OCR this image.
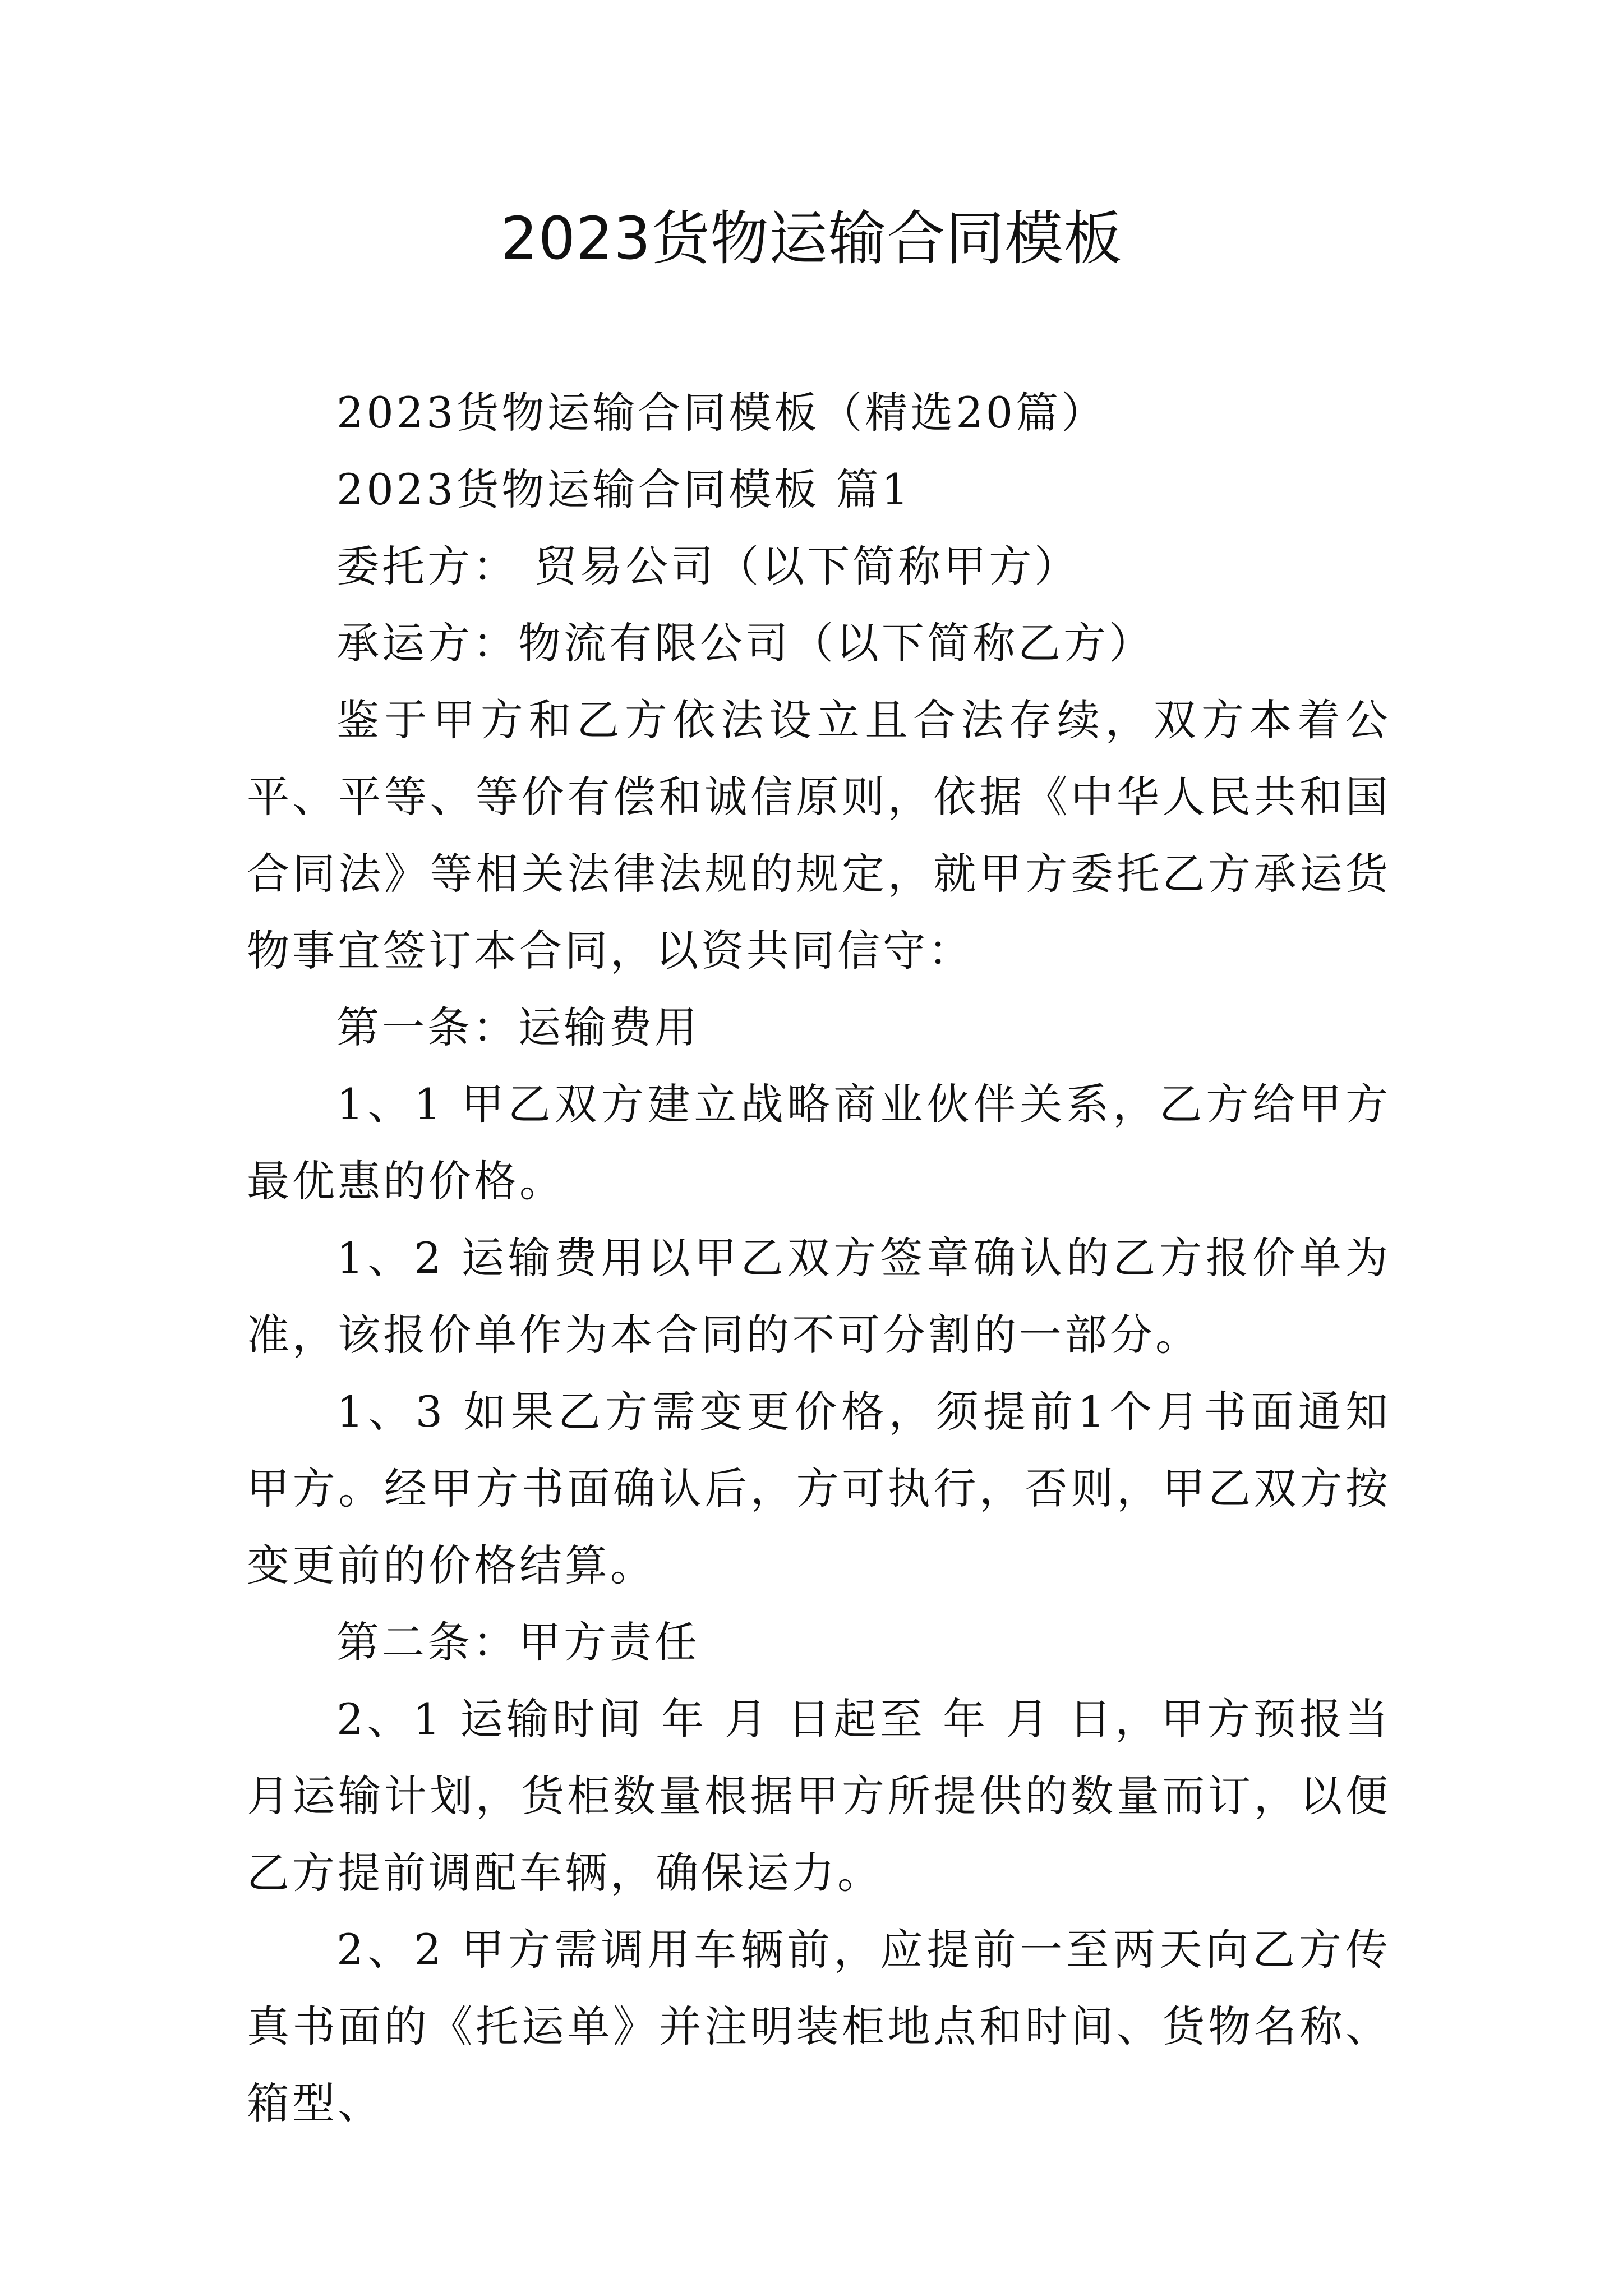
2023货物运输合同模板

2023货物运输合同模板（精选20篇）

2023货物运输合同模板 篇1

委托方： 贸易公司（以下简称甲方）

承运方：物流有限公司（以下简称乙方）

鉴于甲方和乙方依法设立且合法存续，双方本着公平、平等、等价有偿和诚信原则，依据《中华人民共和国合同法》等相关法律法规的规定，就甲方委托乙方承运货物事宜签订本合同，以资共同信守：

第一条：运输费用

1、1 甲乙双方建立战略商业伙伴关系，乙方给甲方最优惠的价格。

1、2 运输费用以甲乙双方签章确认的乙方报价单为准，该报价单作为本合同的不可分割的一部分。

1、3 如果乙方需变更价格，须提前1个月书面通知甲方。经甲方书面确认后，方可执行，否则，甲乙双方按变更前的价格结算。

第二条：甲方责任

2、1 运输时间 年 月 日起至 年 月 日，甲方预报当月运输计划，货柜数量根据甲方所提供的数量而订，以便乙方提前调配车辆，确保运力。

2、2 甲方需调用车辆前，应提前一至两天向乙方传真书面的《托运单》并注明装柜地点和时间、货物名称、箱型、
